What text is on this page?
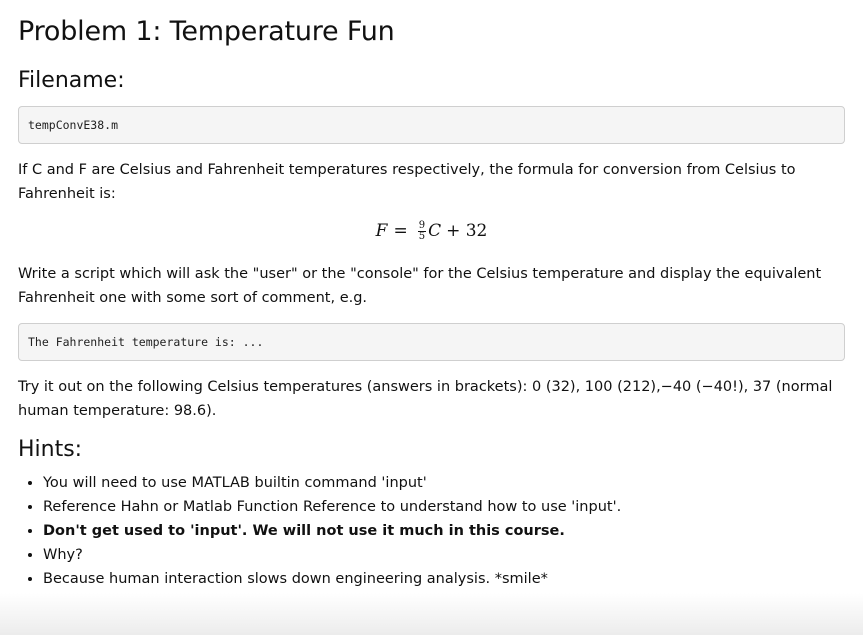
Problem 1: Temperature Fun
Filename:
tempConvE38.m

If C and F are Celsius and Fahrenheit temperatures respectively, the formula for conversion from Celsius to Fahrenheit is:

$F = \frac{9}{5}$ C + 32

Write a script which will ask the "user" or the "console" for the Celsius temperature and display the equivalent Fahrenheit one with some sort of comment, e.g.

The Fahrenheit temperature is: ...

Try it out on the following Celsius temperatures (answers in brackets): 0 (32), 100 (212),−40 (−40!), 37 (normal human temperature: 98.6).

Hints:
• You will need to use MATLAB builtin command 'input'
• Reference Hahn or Matlab Function Reference to understand how to use 'input'.
• Don't get used to 'input'. We will not use it much in this course.
• Why?
• Because human interaction slows down engineering analysis. *smile*
